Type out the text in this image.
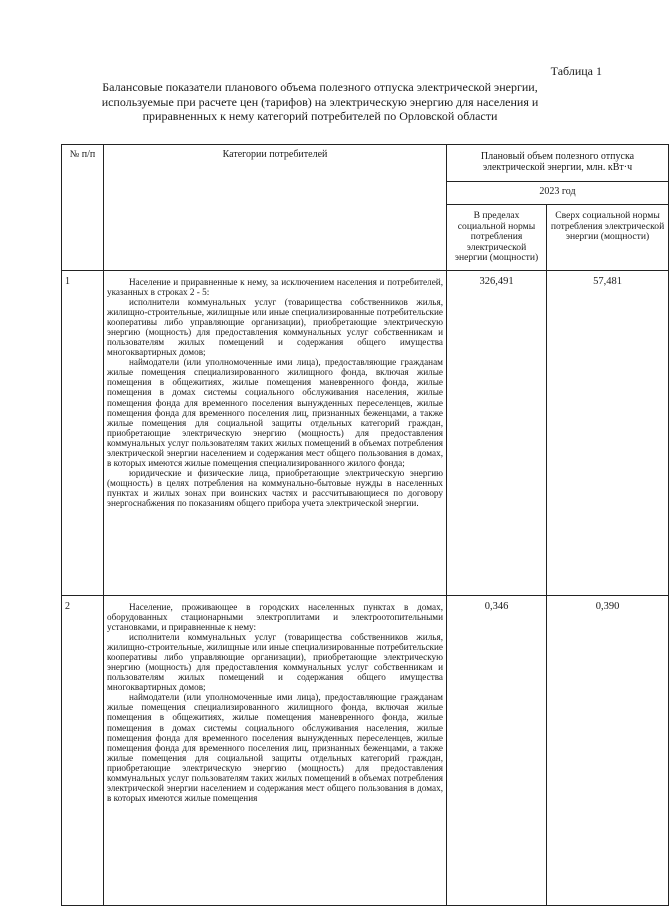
Таблица 1
Балансовые показатели планового объема полезного отпуска электрической энергии,
используемые при расчете цен (тарифов) на электрическую энергию для населения и
приравненных к нему категорий потребителей по Орловской области
№ п/п	Категории потребителей	Плановый объем полезного отпуска электрической энергии, млн. кВт·ч	
		2023 год	
		В пределах социальной нормы потребления электрической энергии (мощности)	Сверх социальной нормы потребления электрической энергии (мощности)
1	Население и приравненные к нему, за исключением населения и потребителей, указанных в строках 2 - 5:

исполнители коммунальных услуг (товарищества собственников жилья, жилищно-строительные, жилищные или иные специализированные потребительские кооперативы либо управляющие организации), приобретающие электрическую энергию (мощность) для предоставления коммунальных услуг собственникам и пользователям жилых помещений и содержания общего имущества многоквартирных домов;

наймодатели (или уполномоченные ими лица), предоставляющие гражданам жилые помещения специализированного жилищного фонда, включая жилые помещения в общежитиях, жилые помещения маневренного фонда, жилые помещения в домах системы социального обслуживания населения, жилые помещения фонда для временного поселения вынужденных переселенцев, жилые помещения фонда для временного поселения лиц, признанных беженцами, а также жилые помещения для социальной защиты отдельных категорий граждан, приобретающие электрическую энергию (мощность) для предоставления коммунальных услуг пользователям таких жилых помещений в объемах потребления электрической энергии населением и содержания мест общего пользования в домах, в которых имеются жилые помещения специализированного жилого фонда;

юридические и физические лица, приобретающие электрическую энергию (мощность) в целях потребления на коммунально-бытовые нужды в населенных пунктах и жилых зонах при воинских частях и рассчитывающиеся по договору энергоснабжения по показаниям общего прибора учета электрической энергии.	326,491	57,481
2	Население, проживающее в городских населенных пунктах в домах, оборудованных стационарными электроплитами и электроотопительными установками, и приравненные к нему:

исполнители коммунальных услуг (товарищества собственников жилья, жилищно-строительные, жилищные или иные специализированные потребительские кооперативы либо управляющие организации), приобретающие электрическую энергию (мощность) для предоставления коммунальных услуг собственникам и пользователям жилых помещений и содержания общего имущества многоквартирных домов;

наймодатели (или уполномоченные ими лица), предоставляющие гражданам жилые помещения специализированного жилищного фонда, включая жилые помещения в общежитиях, жилые помещения маневренного фонда, жилые помещения в домах системы социального обслуживания населения, жилые помещения фонда для временного поселения вынужденных переселенцев, жилые помещения фонда для временного поселения лиц, признанных беженцами, а также жилые помещения для социальной защиты отдельных категорий граждан, приобретающие электрическую энергию (мощность) для предоставления коммунальных услуг пользователям таких жилых помещений в объемах потребления электрической энергии населением и содержания мест общего пользования в домах, в которых имеются жилые помещения	0,346	0,390
